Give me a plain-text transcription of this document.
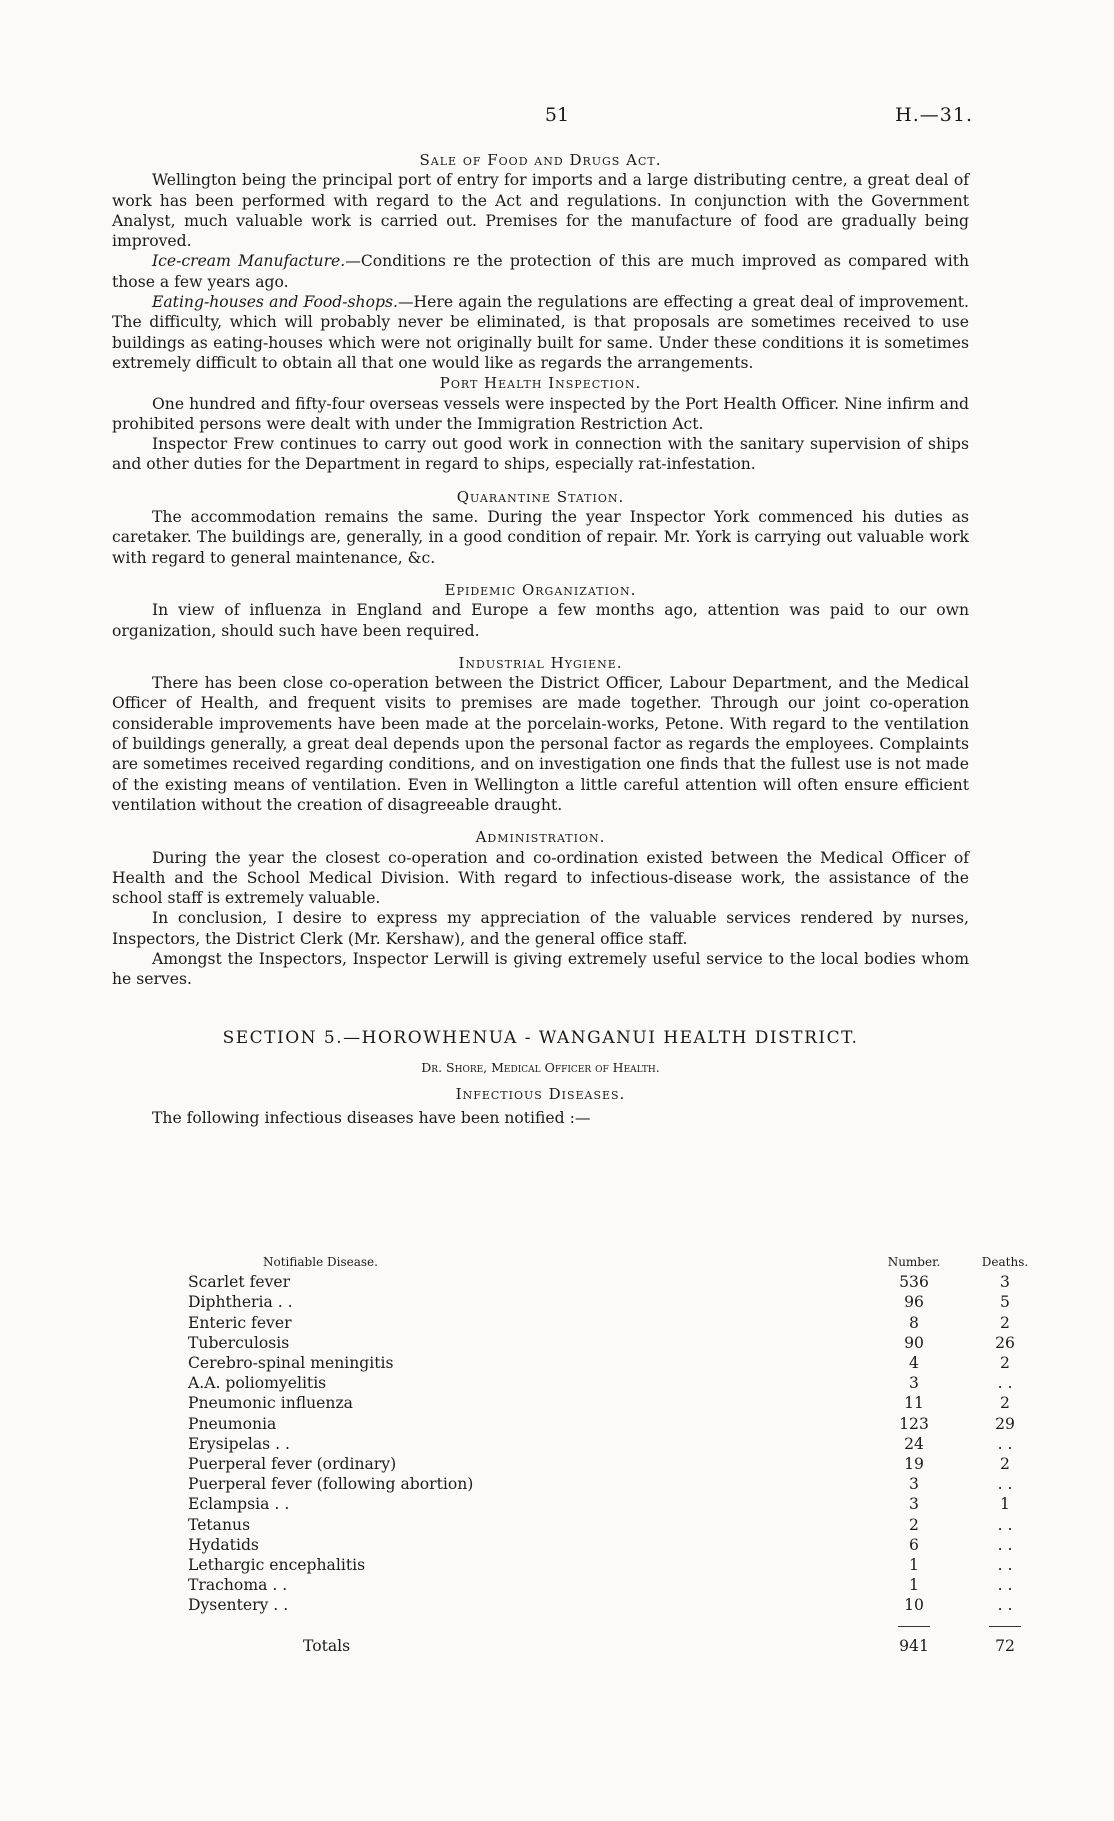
51	H.—31.
Sale of Food and Drugs Act.

Wellington being the principal port of entry for imports and a large distributing centre, a great deal of work has been performed with regard to the Act and regulations. In conjunction with the Government Analyst, much valuable work is carried out. Premises for the manufacture of food are gradually being improved.

Ice-cream Manufacture.—Conditions re the protection of this are much improved as compared with those a few years ago.

Eating-houses and Food-shops.—Here again the regulations are effecting a great deal of improvement. The difficulty, which will probably never be eliminated, is that proposals are sometimes received to use buildings as eating-houses which were not originally built for same. Under these conditions it is sometimes extremely difficult to obtain all that one would like as regards the arrangements.

Port Health Inspection.

One hundred and fifty-four overseas vessels were inspected by the Port Health Officer. Nine infirm and prohibited persons were dealt with under the Immigration Restriction Act.

Inspector Frew continues to carry out good work in connection with the sanitary supervision of ships and other duties for the Department in regard to ships, especially rat-infestation.

Quarantine Station.

The accommodation remains the same. During the year Inspector York commenced his duties as caretaker. The buildings are, generally, in a good condition of repair. Mr. York is carrying out valuable work with regard to general maintenance, &c.

Epidemic Organization.

In view of influenza in England and Europe a few months ago, attention was paid to our own organization, should such have been required.

Industrial Hygiene.

There has been close co-operation between the District Officer, Labour Department, and the Medical Officer of Health, and frequent visits to premises are made together. Through our joint co-operation considerable improvements have been made at the porcelain-works, Petone. With regard to the ventilation of buildings generally, a great deal depends upon the personal factor as regards the employees. Complaints are sometimes received regarding conditions, and on investigation one finds that the fullest use is not made of the existing means of ventilation. Even in Wellington a little careful attention will often ensure efficient ventilation without the creation of disagreeable draught.

Administration.

During the year the closest co-operation and co-ordination existed between the Medical Officer of Health and the School Medical Division. With regard to infectious-disease work, the assistance of the school staff is extremely valuable.

In conclusion, I desire to express my appreciation of the valuable services rendered by nurses, Inspectors, the District Clerk (Mr. Kershaw), and the general office staff.

Amongst the Inspectors, Inspector Lerwill is giving extremely useful service to the local bodies whom he serves.

SECTION 5.—HOROWHENUA - WANGANUI HEALTH DISTRICT.
Dr. Shore, Medical Officer of Health.
Infectious Diseases.

The following infectious diseases have been notified :—

Notifiable Disease.	Number.	Deaths.
Scarlet fever	536	3
Diphtheria . .	96	5
Enteric fever	8	2
Tuberculosis	90	26
Cerebro-spinal meningitis	4	2
A.A. poliomyelitis	3	. .
Pneumonic influenza	11	2
Pneumonia	123	29
Erysipelas . .	24	. .
Puerperal fever (ordinary)	19	2
Puerperal fever (following abortion)	3	. .
Eclampsia . .	3	1
Tetanus	2	. .
Hydatids	6	. .
Lethargic encephalitis	1	. .
Trachoma . .	1	. .
Dysentery . .	10	. .

Totals	941	72
